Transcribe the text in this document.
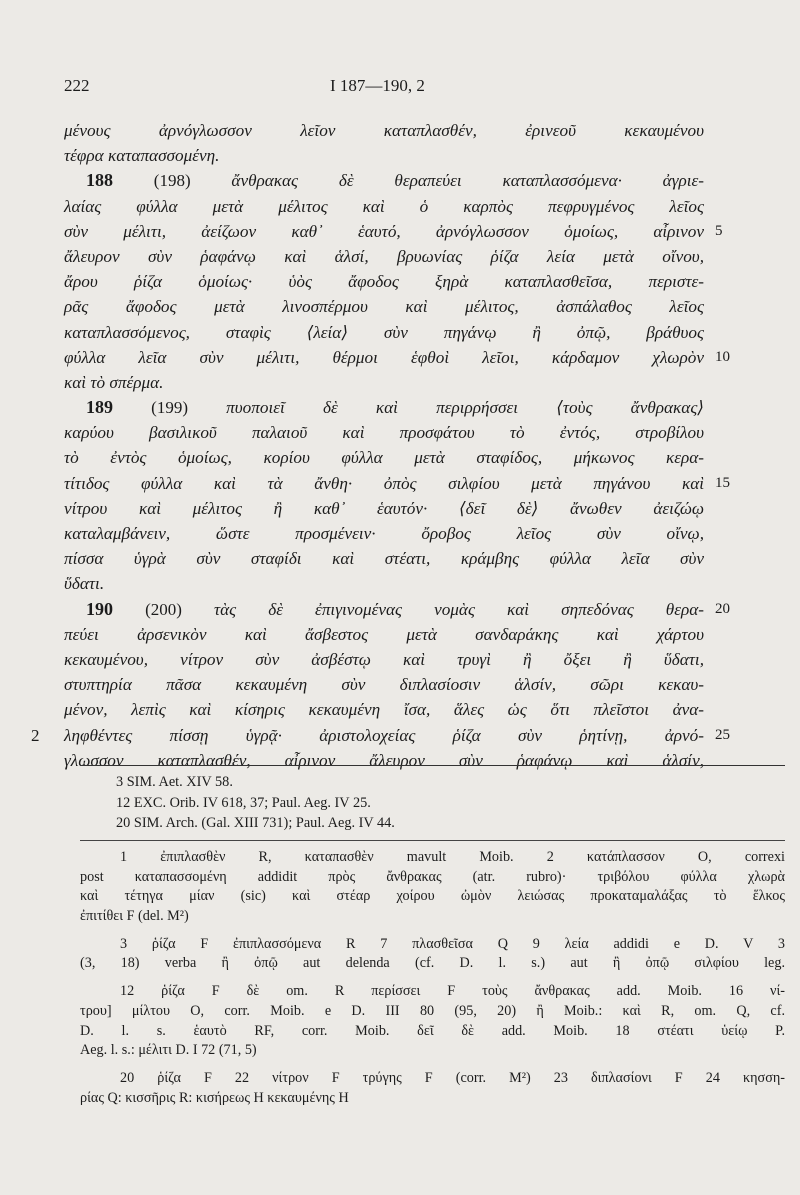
222	I 187—190, 2
μένους ἀρνόγλωσσον λεῖον καταπλασθέν, ἐρινεοῦ κεκαυμένου
τέφρα καταπασσομένη.
188 (198) ἄνθρακας δὲ θεραπεύει καταπλασσόμενα· ἀγριε-
λαίας φύλλα μετὰ μέλιτος καὶ ὁ καρπὸς πεφρυγμένος λεῖος
σὺν μέλιτι, ἀείζωον καθ᾽ ἑαυτό, ἀρνόγλωσσον ὁμοίως, αἶρινον 5
ἄλευρον σὺν ῥαφάνῳ καὶ ἁλσί, βρυωνίας ῥίζα λεία μετὰ οἴνου,
ἄρου ῥίζα ὁμοίως· ὑὸς ἄφοδος ξηρὰ καταπλασθεῖσα, περιστε-
ρᾶς ἄφοδος μετὰ λινοσπέρμου καὶ μέλιτος, ἀσπάλαθος λεῖος
καταπλασσόμενος, σταφὶς ⟨λεία⟩ σὺν πηγάνῳ ἢ ὀπῷ, βράθυος
φύλλα λεῖα σὺν μέλιτι, θέρμοι ἑφθοὶ λεῖοι, κάρδαμον χλωρὸν 10
καὶ τὸ σπέρμα.
189 (199) πυοποιεῖ δὲ καὶ περιρρήσσει ⟨τοὺς ἄνθρακας⟩
καρύου βασιλικοῦ παλαιοῦ καὶ προσφάτου τὸ ἐντός, στροβίλου
τὸ ἐντὸς ὁμοίως, κορίου φύλλα μετὰ σταφίδος, μήκωνος κερα-
τίτιδος φύλλα καὶ τὰ ἄνθη· ὀπὸς σιλφίου μετὰ πηγάνου καὶ 15
νίτρου καὶ μέλιτος ἢ καθ᾽ ἑαυτόν· ⟨δεῖ δὲ⟩ ἄνωθεν ἀειζώῳ
καταλαμβάνειν, ὥστε προσμένειν· ὄροβος λεῖος σὺν οἴνῳ,
πίσσα ὑγρὰ σὺν σταφίδι καὶ στέατι, κράμβης φύλλα λεῖα σὺν
ὕδατι.
190 (200) τὰς δὲ ἐπιγινομένας νομὰς καὶ σηπεδόνας θερα- 20
πεύει ἀρσενικὸν καὶ ἄσβεστος μετὰ σανδαράκης καὶ χάρτου
κεκαυμένου, νίτρον σὺν ἀσβέστῳ καὶ τρυγὶ ἢ ὄξει ἢ ὕδατι,
στυπτηρία πᾶσα κεκαυμένη σὺν διπλασίοσιν ἁλσίν, σῶρι κεκαυ-
μένον, λεπὶς καὶ κίσηρις κεκαυμένη ἴσα, ἅλες ὡς ὅτι πλεῖστοι ἀνα-
ληφθέντες πίσσῃ ὑγρᾷ· ἀριστολοχείας ῥίζα σὺν ῥητίνῃ, ἀρνό- 25
2
γλωσσον καταπλασθέν, αἶρινον ἄλευρον σὺν ῥαφάνῳ καὶ ἁλσίν,
3 SIM. Aet. XIV 58.
12 EXC. Orib. IV 618, 37; Paul. Aeg. IV 25.
20 SIM. Arch. (Gal. XIII 731); Paul. Aeg. IV 44.
1 ἐπιπλασθὲν R, καταπασθὲν mavult Moib. 2 κατάπλασσον O, correxi
post καταπασσομένη addidit πρὸς ἄνθρακας (atr. rubro)· τριβόλου φύλλα χλωρὰ
καὶ τέτηγα μίαν (sic) καὶ στέαρ χοίρου ὠμὸν λειώσας προκαταμαλάξας τὸ ἕλκος
ἐπιτίθει F (del. M²)
3 ῥίζα F ἐπιπλασσόμενα R 7 πλασθεῖσα Q 9 λεία addidi e D. V 3
(3, 18) verba ἢ ὀπῷ aut delenda (cf. D. l. s.) aut ἢ ὀπῷ σιλφίου leg.
12 ῥίζα F δὲ om. R περίσσει F τοὺς ἄνθρακας add. Moib. 16 νί-
τρου] μίλτου O, corr. Moib. e D. III 80 (95, 20) ἢ Moib.: καὶ R, om. Q, cf.
D. l. s. ἑαυτὸ RF, corr. Moib. δεῖ δὲ add. Moib. 18 στέατι ὑείῳ P.
Aeg. l. s.: μέλιτι D. I 72 (71, 5)
20 ῥίζα F 22 νίτρον F τρύγης F (corr. M²) 23 διπλασίονι F 24 κησση-
ρίας Q: κισσῆρις R: κισήρεως H κεκαυμένης H
